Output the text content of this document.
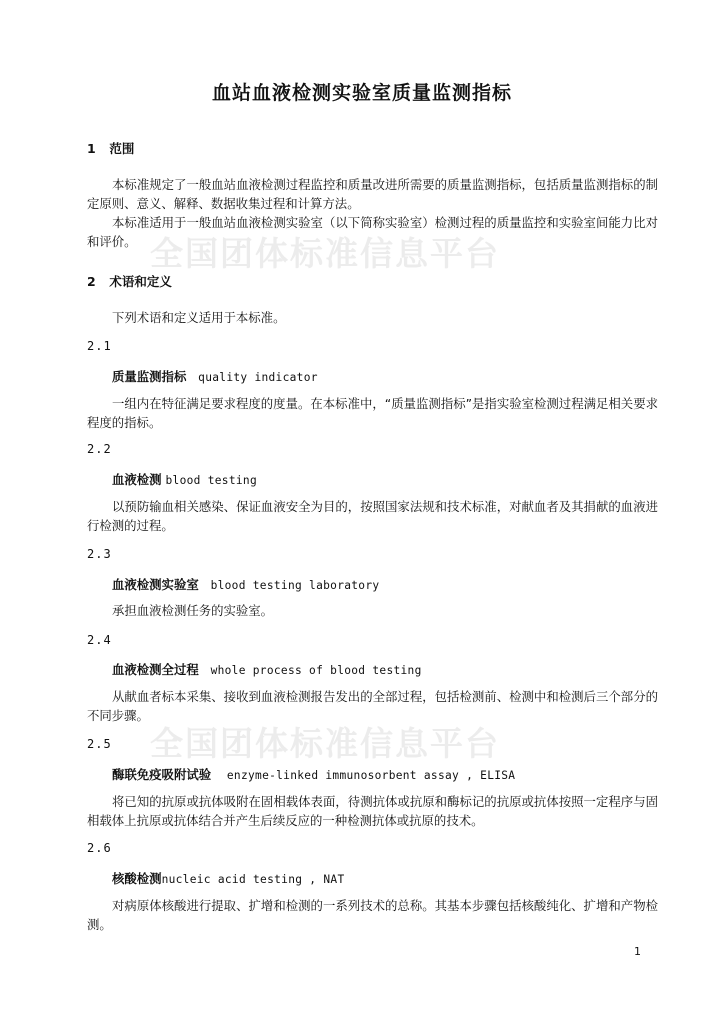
全国团体标准信息平台
全国团体标准信息平台
血站血液检测实验室质量监测指标
1 范围

本标准规定了一般血站血液检测过程监控和质量改进所需要的质量监测指标，包括质量监测指标的制定原则、意义、解释、数据收集过程和计算方法。

本标准适用于一般血站血液检测实验室（以下简称实验室）检测过程的质量监控和实验室间能力比对和评价。

2 术语和定义

下列术语和定义适用于本标准。

2.1
质量监测指标 quality indicator

一组内在特征满足要求程度的度量。在本标准中，“质量监测指标”是指实验室检测过程满足相关要求程度的指标。

2.2
血液检测 blood testing

以预防输血相关感染、保证血液安全为目的，按照国家法规和技术标准，对献血者及其捐献的血液进行检测的过程。

2.3
血液检测实验室 blood testing laboratory

承担血液检测任务的实验室。

2.4
血液检测全过程 whole process of blood testing

从献血者标本采集、接收到血液检测报告发出的全部过程，包括检测前、检测中和检测后三个部分的不同步骤。

2.5
酶联免疫吸附试验 enzyme-linked immunosorbent assay , ELISA

将已知的抗原或抗体吸附在固相载体表面，待测抗体或抗原和酶标记的抗原或抗体按照一定程序与固相载体上抗原或抗体结合并产生后续反应的一种检测抗体或抗原的技术。

2.6
核酸检测nucleic acid testing , NAT

对病原体核酸进行提取、扩增和检测的一系列技术的总称。其基本步骤包括核酸纯化、扩增和产物检测。

1
